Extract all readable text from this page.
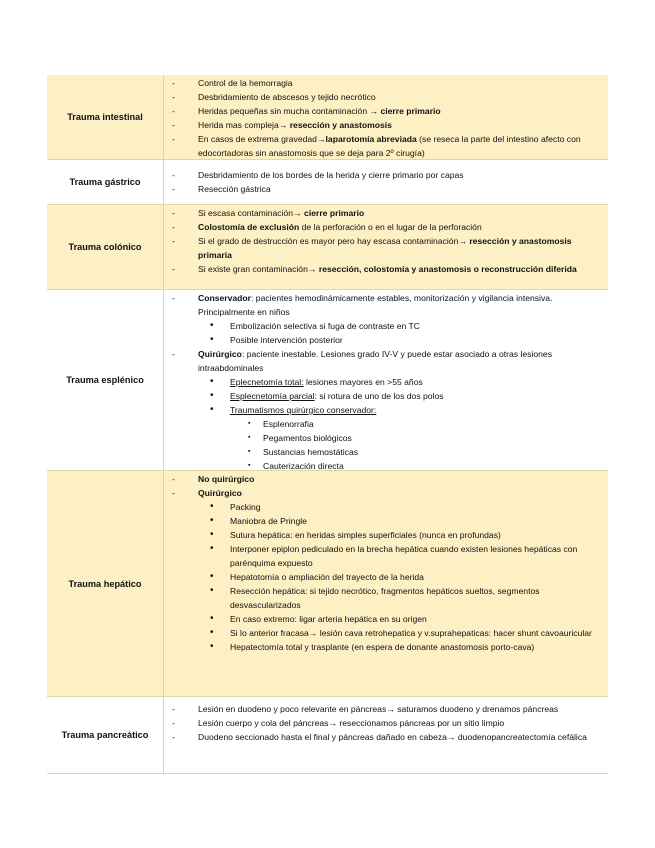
Trauma intestinal
- Control de la hemorragia
- Desbridamiento de abscesos y tejido necrótico
- Heridas pequeñas sin mucha contaminación → cierre primario
- Herida mas compleja→ resección y anastomosis
- En casos de extrema gravedad→laparotomía abreviada (se reseca la parte del intestino afecto con edocortadoras sin anastomosis que se deja para 2º cirugía)
Trauma gástrico
- Desbridamiento de los bordes de la herida y cierre primario por capas
- Resección gástrica
Trauma colónico
- Si escasa contaminación→ cierre primario
- Colostomía de exclusión de la perforación o en el lugar de la perforación
- Si el grado de destrucción es mayor pero hay escasa contaminación→ resección y anastomosis primaria
- Si existe gran contaminación→ resección, colostomía y anastomosis o reconstrucción diferida
Trauma esplénico
- Conservador: pacientes hemodinámicamente estables, monitorización y vigilancia intensiva. Principalmente en niños
• Embolización selectiva si fuga de contraste en TC
• Posible intervención posterior
- Quirúrgico: paciente inestable. Lesiones grado IV-V y puede estar asociado a otras lesiones intraabdominales
• Eplecnetomía total: lesiones mayores en >55 años
• Esplecnetomía parcial: si rotura de uno de los dos polos
• Traumatismos quirúrgico conservador:
▪ Esplenorrafia
▪ Pegamentos biológicos
▪ Sustancias hemostáticas
▪ Cauterización directa
Trauma hepático
- No quirúrgico
- Quirúrgico
• Packing
• Maniobra de Pringle
• Sutura hepática: en heridas simples superficiales (nunca en profundas)
• Interponer epiplon pediculado en la brecha hepática cuando existen lesiones hepáticas con parénquima expuesto
• Hepatotomía o ampliación del trayecto de la herida
• Resección hepática: si tejido necrótico, fragmentos hepáticos sueltos, segmentos desvascularizados
• En caso extremo: ligar arteria hepática en su origen
• Si lo anterior fracasa→ lesión cava retrohepatica y v.suprahepaticas: hacer shunt cavoauricular
• Hepatectomía total y trasplante (en espera de donante anastomosis porto-cava)
Trauma pancreático
- Lesión en duodeno y poco relevante en páncreas→ saturamos duodeno y drenamos páncreas
- Lesión cuerpo y cola del páncreas→ reseccionamos páncreas por un sitio limpio
- Duodeno seccionado hasta el final y páncreas dañado en cabeza→ duodenopancreatectomía cefálica
